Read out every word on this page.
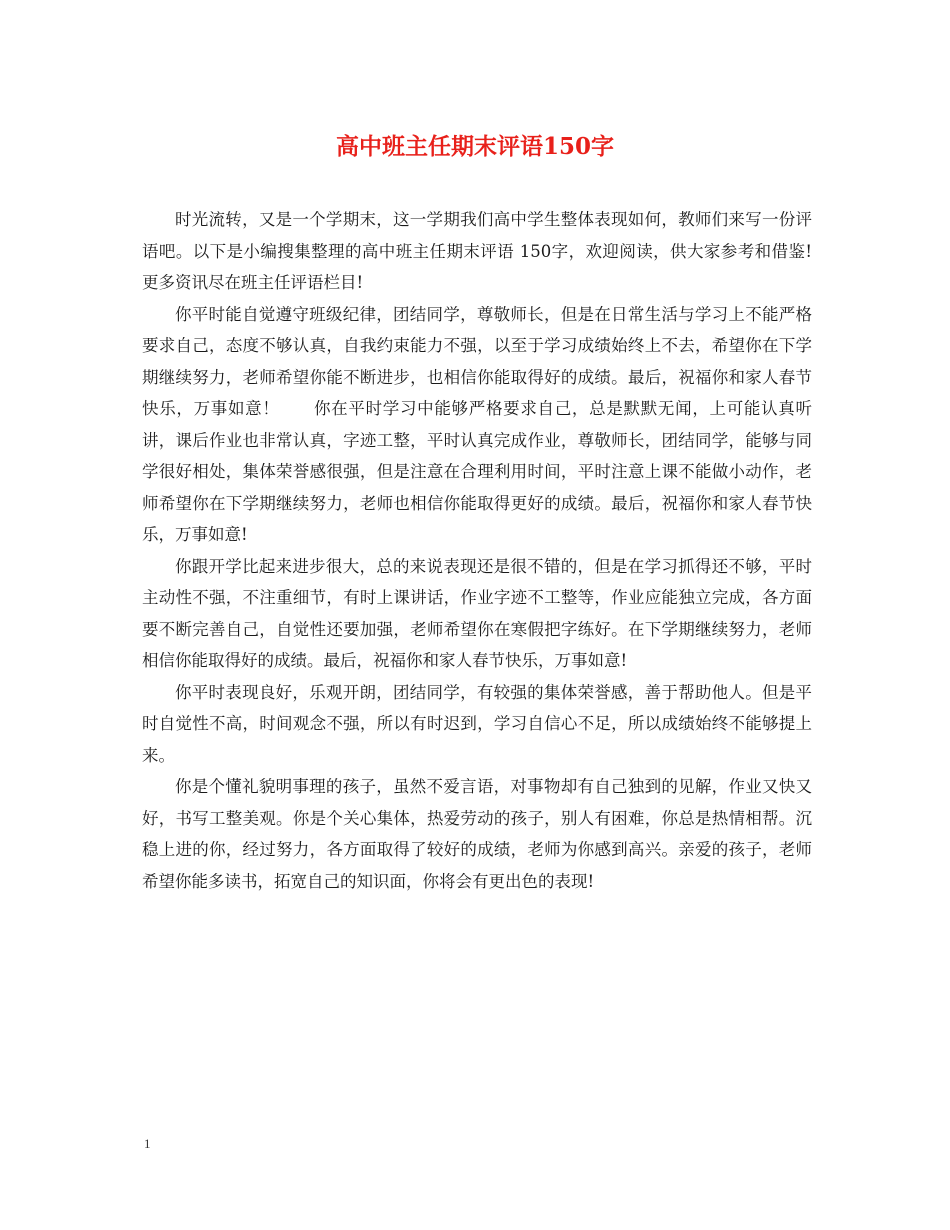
高中班主任期末评语150字

时光流转，又是一个学期末，这一学期我们高中学生整体表现如何，教师们来写一份评语吧。以下是小编搜集整理的高中班主任期末评语 150字，欢迎阅读，供大家参考和借鉴!更多资讯尽在班主任评语栏目!

你平时能自觉遵守班级纪律，团结同学，尊敬师长，但是在日常生活与学习上不能严格要求自己，态度不够认真，自我约束能力不强，以至于学习成绩始终上不去，希望你在下学期继续努力，老师希望你能不断进步，也相信你能取得好的成绩。最后，祝福你和家人春节快乐，万事如意！　　你在平时学习中能够严格要求自己，总是默默无闻，上可能认真听讲，课后作业也非常认真，字迹工整，平时认真完成作业，尊敬师长，团结同学，能够与同学很好相处，集体荣誉感很强，但是注意在合理利用时间，平时注意上课不能做小动作，老师希望你在下学期继续努力，老师也相信你能取得更好的成绩。最后，祝福你和家人春节快乐，万事如意!

你跟开学比起来进步很大，总的来说表现还是很不错的，但是在学习抓得还不够，平时主动性不强，不注重细节，有时上课讲话，作业字迹不工整等，作业应能独立完成，各方面要不断完善自己，自觉性还要加强，老师希望你在寒假把字练好。在下学期继续努力，老师相信你能取得好的成绩。最后，祝福你和家人春节快乐，万事如意!

你平时表现良好，乐观开朗，团结同学，有较强的集体荣誉感，善于帮助他人。但是平时自觉性不高，时间观念不强，所以有时迟到，学习自信心不足，所以成绩始终不能够提上来。

你是个懂礼貌明事理的孩子，虽然不爱言语，对事物却有自己独到的见解，作业又快又好，书写工整美观。你是个关心集体，热爱劳动的孩子，别人有困难，你总是热情相帮。沉稳上进的你，经过努力，各方面取得了较好的成绩，老师为你感到高兴。亲爱的孩子，老师希望你能多读书，拓宽自己的知识面，你将会有更出色的表现!

1
